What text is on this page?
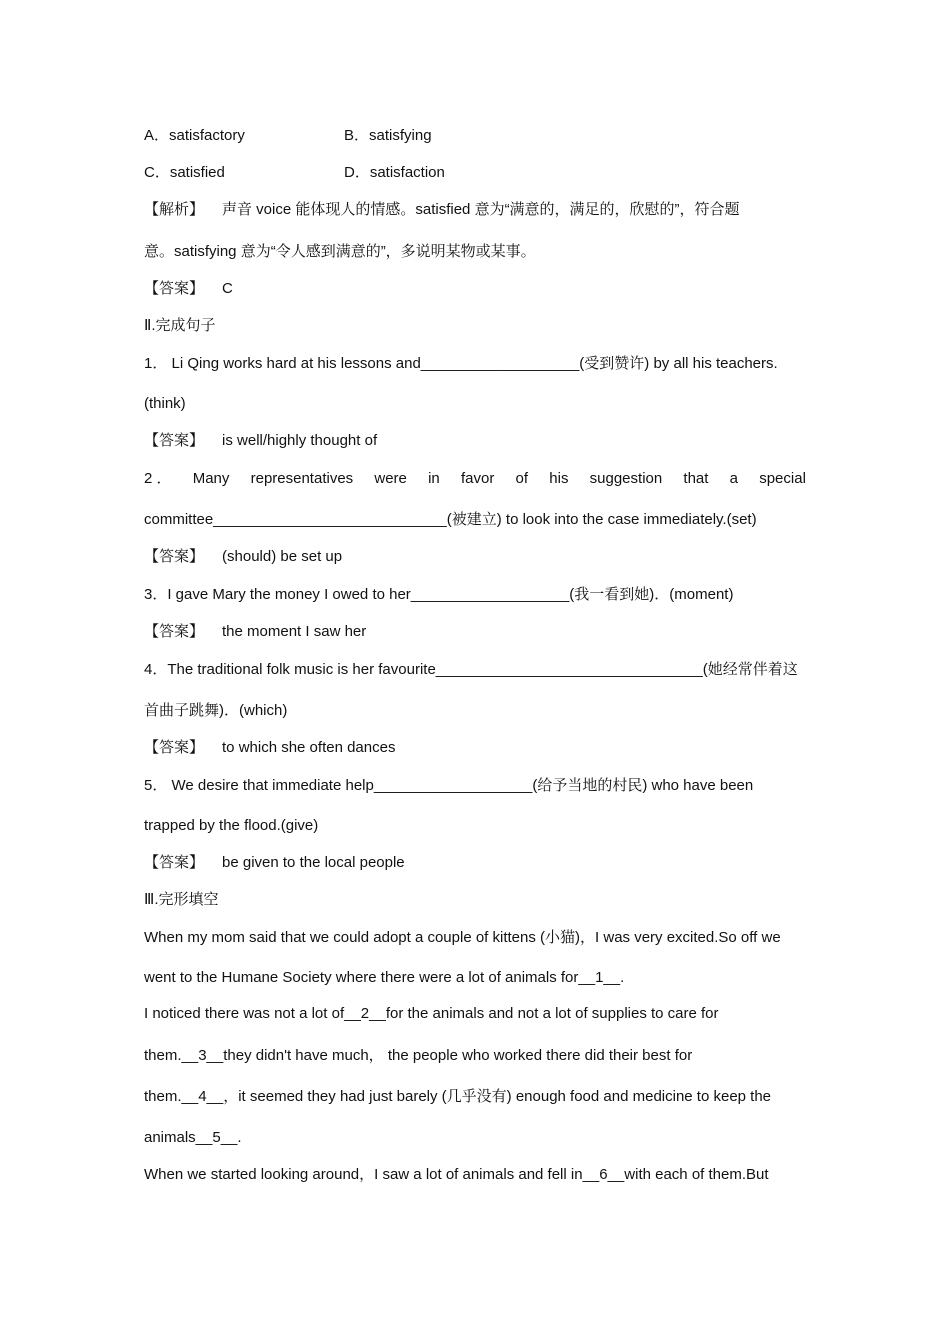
A．satisfactory	B．satisfying
C．satisfied	D．satisfaction
【解析】 声音 voice 能体现人的情感。satisfied 意为“满意的，满足的，欣慰的”，符合题
意。satisfying 意为“令人感到满意的”，多说明某物或某事。
【答案】 C
Ⅱ.完成句子
1． Li Qing works hard at his lessons and___________________(受到赞许) by all his teachers.
(think)
【答案】 is well/highly thought of
2 ． Many representatives were in favor of his suggestion that a special
committee____________________________(被建立) to look into the case immediately.(set)
【答案】 (should) be set up
3．I gave Mary the money I owed to her___________________(我一看到她)．(moment)
【答案】 the moment I saw her
4．The traditional folk music is her favourite________________________________(她经常伴着这
首曲子跳舞)．(which)
【答案】 to which she often dances
5． We desire that immediate help___________________(给予当地的村民) who have been
trapped by the flood.(give)
【答案】 be given to the local people
Ⅲ.完形填空
When my mom said that we could adopt a couple of kittens (小猫)，I was very excited.So off we
went to the Humane Society where there were a lot of animals for__1__.
I noticed there was not a lot of__2__for the animals and not a lot of supplies to care for
them.__3__they didn't have much， the people who worked there did their best for
them.__4__，it seemed they had just barely (几乎没有) enough food and medicine to keep the
animals__5__.
When we started looking around，I saw a lot of animals and fell in__6__with each of them.But
